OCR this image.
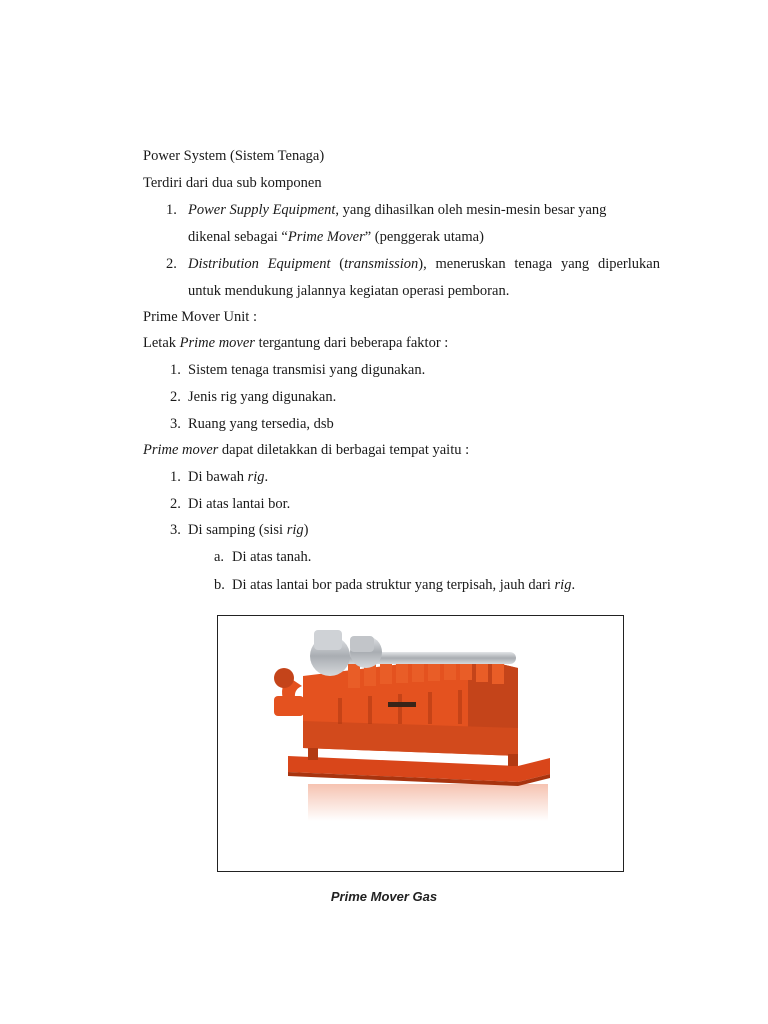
Power System (Sistem Tenaga)
Terdiri dari dua sub komponen
1. Power Supply Equipment, yang dihasilkan oleh mesin-mesin besar yang
dikenal sebagai “Prime Mover” (penggerak utama)
2. Distribution Equipment (transmission), meneruskan tenaga yang diperlukan
untuk mendukung jalannya kegiatan operasi pemboran.
Prime Mover Unit :
Letak Prime mover tergantung dari beberapa faktor :
1. Sistem tenaga transmisi yang digunakan.
2. Jenis rig yang digunakan.
3. Ruang yang tersedia, dsb
Prime mover dapat diletakkan di berbagai tempat yaitu :
1. Di bawah rig.
2. Di atas lantai bor.
3. Di samping (sisi rig)
a. Di atas tanah.
b. Di atas lantai bor pada struktur yang terpisah, jauh dari rig.
Prime Mover Gas
